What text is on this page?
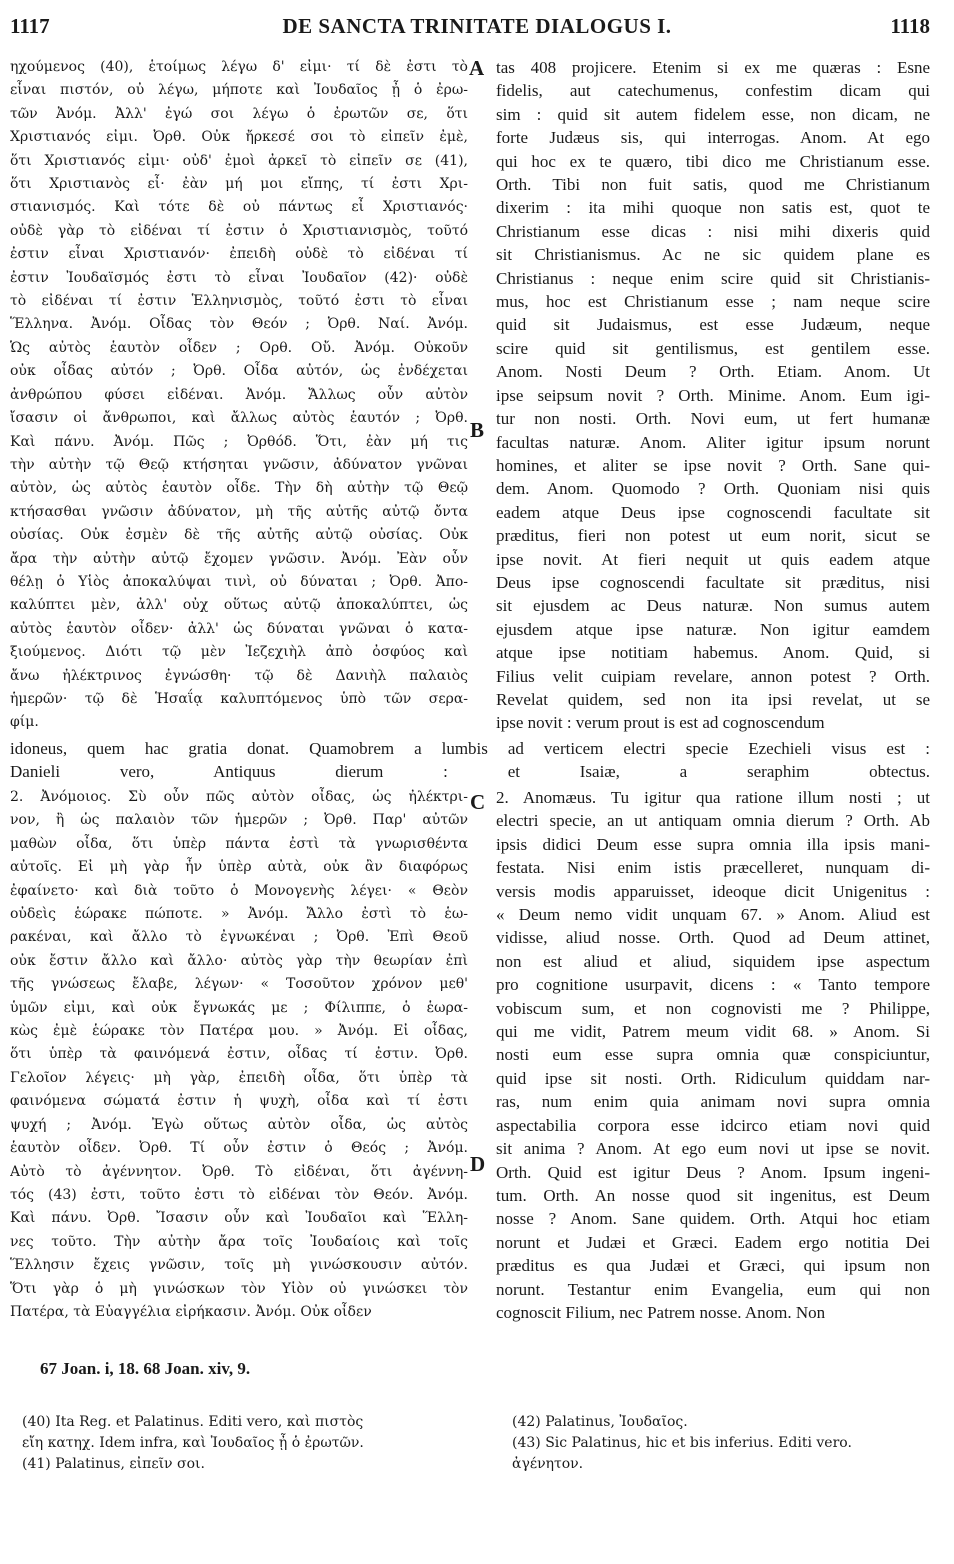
1117	DE SANCTA TRINITATE DIALOGUS I.	1118
ηχούμενος (40), ἑτοίμως λέγω δ' εἰμι· τί δὲ ἐστι τὸ
εἶναι πιστόν, οὐ λέγω, μήποτε καὶ Ἰουδαῖος ᾖ ὁ ἐρω-
τῶν Ἀνόμ. Ἀλλ' ἐγώ σοι λέγω ὁ ἐρωτῶν σε, ὅτι
Χριστιανός εἰμι. Ὀρθ. Οὐκ ἤρκεσέ σοι τὸ εἰπεῖν ἐμὲ,
ὅτι Χριστιανός εἰμι· οὐδ' ἐμοὶ ἀρκεῖ τὸ εἰπεῖν σε (41),
ὅτι Χριστιανὸς εἶ· ἐὰν μή μοι εἴπης, τί ἐστι Χρι-
στιανισμός. Καὶ τότε δὲ οὐ πάντως εἶ Χριστιανός·
οὐδὲ γὰρ τὸ εἰδέναι τί ἐστιν ὁ Χριστιανισμὸς, τοῦτό
ἐστιν εἶναι Χριστιανόν· ἐπειδὴ οὐδὲ τὸ εἰδέναι τί
ἐστιν Ἰουδαϊσμός ἐστι τὸ εἶναι Ἰουδαῖον (42)· οὐδὲ
τὸ εἰδέναι τί ἐστιν Ἑλληνισμὸς, τοῦτό ἐστι τὸ εἶναι
Ἕλληνα. Ἀνόμ. Οἶδας τὸν Θεόν ; Ὀρθ. Ναί. Ἀνόμ.
Ὡς αὐτὸς ἑαυτὸν οἶδεν ; Ορθ. Οὔ. Ἀνόμ. Οὐκοῦν
οὐκ οἶδας αὐτόν ; Ὀρθ. Οἶδα αὐτόν, ὡς ἐνδέχεται
ἀνθρώπου φύσει εἰδέναι. Ἀνόμ. Ἄλλως οὖν αὐτὸν
ἴσασιν οἱ ἄνθρωποι, καὶ ἄλλως αὐτὸς ἑαυτόν ; Ὀρθ.
Καὶ πάνυ. Ἀνόμ. Πῶς ; Ὀρθόδ. Ὅτι, ἐὰν μή τις
τὴν αὐτὴν τῷ Θεῷ κτήσηται γνῶσιν, ἀδύνατον γνῶναι
αὐτὸν, ὡς αὐτὸς ἑαυτὸν οἶδε. Τὴν δὴ αὐτὴν τῷ Θεῷ
κτήσασθαι γνῶσιν ἀδύνατον, μὴ τῆς αὐτῆς αὐτῷ ὄντα
οὐσίας. Οὐκ ἐσμὲν δὲ τῆς αὐτῆς αὐτῷ οὐσίας. Οὐκ
ἄρα τὴν αὐτὴν αὐτῷ ἔχομεν γνῶσιν. Ἀνόμ. Ἐὰν οὖν
θέλῃ ὁ Υἱὸς ἀποκαλύψαι τινὶ, οὐ δύναται ; Ὀρθ. Ἀπο-
καλύπτει μὲν, ἀλλ' οὐχ οὕτως αὐτῷ ἀποκαλύπτει, ὡς
αὐτὸς ἑαυτὸν οἶδεν· ἀλλ' ὡς δύναται γνῶναι ὁ κατα-
ξιούμενος. Διότι τῷ μὲν Ἰεζεχιὴλ ἀπὸ ὀσφύος καὶ
ἄνω ἠλέκτρινος ἐγνώσθη· τῷ δὲ Δανιὴλ παλαιὸς
ἡμερῶν· τῷ δὲ Ἡσαΐᾳ καλυπτόμενος ὑπὸ τῶν σερα-
φίμ.
tas 408 projicere. Etenim si ex me quæras : Esne
fidelis, aut catechumenus, confestim dicam qui
sim : quid sit autem fidelem esse, non dicam, ne
forte Judæus sis, qui interrogas. Anom. At ego
qui hoc ex te quæro, tibi dico me Christianum esse.
Orth. Tibi non fuit satis, quod me Christianum
dixerim : ita mihi quoque non satis est, quot te
Christianum esse dicas : nisi mihi dixeris quid
sit Christianismus. Ac ne sic quidem plane es
Christianus : neque enim scire quid sit Christianis-
mus, hoc est Christianum esse ; nam neque scire
quid sit Judaismus, est esse Judæum, neque
scire quid sit gentilismus, est gentilem esse.
Anom. Nosti Deum ? Orth. Etiam. Anom. Ut
ipse seipsum novit ? Orth. Minime. Anom. Eum igi-
tur non nosti. Orth. Novi eum, ut fert humanæ
facultas naturæ. Anom. Aliter igitur ipsum norunt
homines, et aliter se ipse novit ? Orth. Sane qui-
dem. Anom. Quomodo ? Orth. Quoniam nisi quis
eadem atque Deus ipse cognoscendi facultate sit
præditus, fieri non potest ut eum norit, sicut se
ipse novit. At fieri nequit ut quis eadem atque
Deus ipse cognoscendi facultate sit præditus, nisi
sit ejusdem ac Deus naturæ. Non sumus autem
ejusdem atque ipse naturæ. Non igitur eamdem
atque ipse notitiam habemus. Anom. Quid, si
Filius velit cuipiam revelare, annon potest ? Orth.
Revelat quidem, sed non ita ipsi revelat, ut se
ipse novit : verum prout is est ad cognoscendum
idoneus, quem hac gratia donat. Quamobrem a lumbis ad verticem electri specie Ezechieli visus est :
Danieli vero, Antiquus dierum : et Isaiæ, a seraphim obtectus.
2. Ἀνόμοιος. Σὺ οὖν πῶς αὐτὸν οἶδας, ὡς ἠλέκτρι-
νον, ἢ ὡς παλαιὸν τῶν ἡμερῶν ; Ὀρθ. Παρ' αὐτῶν
μαθὼν οἶδα, ὅτι ὑπὲρ πάντα ἐστὶ τὰ γνωρισθέντα
αὐτοῖς. Εἰ μὴ γὰρ ἦν ὑπὲρ αὐτὰ, οὐκ ἂν διαφόρως
ἐφαίνετο· καὶ διὰ τοῦτο ὁ Μονογενὴς λέγει· « Θεὸν
οὐδεὶς ἑώρακε πώποτε. » Ἀνόμ. Ἄλλο ἐστὶ τὸ ἑω-
ρακέναι, καὶ ἄλλο τὸ ἐγνωκέναι ; Ὀρθ. Ἐπὶ Θεοῦ
οὐκ ἔστιν ἄλλο καὶ ἄλλο· αὐτὸς γὰρ τὴν θεωρίαν ἐπὶ
τῆς γνώσεως ἔλαβε, λέγων· « Τοσοῦτον χρόνον μεθ'
ὑμῶν εἰμι, καὶ οὐκ ἔγνωκάς με ; Φίλιππε, ὁ ἑωρα-
κὼς ἐμὲ ἑώρακε τὸν Πατέρα μου. » Ἀνόμ. Εἰ οἶδας,
ὅτι ὑπὲρ τὰ φαινόμενά ἐστιν, οἶδας τί ἐστιν. Ὀρθ.
Γελοῖον λέγεις· μὴ γὰρ, ἐπειδὴ οἶδα, ὅτι ὑπὲρ τὰ
φαινόμενα σώματά ἐστιν ἡ ψυχὴ, οἶδα καὶ τί ἐστι
ψυχή ; Ἀνόμ. Ἐγὼ οὕτως αὐτὸν οἶδα, ὡς αὐτὸς
ἑαυτὸν οἶδεν. Ὀρθ. Τί οὖν ἐστιν ὁ Θεός ; Ἀνόμ.
Αὐτὸ τὸ ἀγέννητον. Ὀρθ. Τὸ εἰδέναι, ὅτι ἀγέννη-
τός (43) ἐστι, τοῦτο ἐστι τὸ εἰδέναι τὸν Θεόν. Ἀνόμ.
Καὶ πάνυ. Ὀρθ. Ἴσασιν οὖν καὶ Ἰουδαῖοι καὶ Ἕλλη-
νες τοῦτο. Τὴν αὐτὴν ἄρα τοῖς Ἰουδαίοις καὶ τοῖς
Ἕλλησιν ἔχεις γνῶσιν, τοῖς μὴ γινώσκουσιν αὐτόν.
Ὅτι γὰρ ὁ μὴ γινώσκων τὸν Υἱὸν οὐ γινώσκει τὸν
Πατέρα, τὰ Εὐαγγέλια εἰρήκασιν. Ἀνόμ. Οὐκ οἶδεν
2. Anomæus. Tu igitur qua ratione illum nosti ; ut
electri specie, an ut antiquam omnia dierum ? Orth. Ab
ipsis didici Deum esse supra omnia illa ipsis mani-
festata. Nisi enim istis præcelleret, nunquam di-
versis modis apparuisset, ideoque dicit Unigenitus :
« Deum nemo vidit unquam 67. » Anom. Aliud est
vidisse, aliud nosse. Orth. Quod ad Deum attinet,
non est aliud et aliud, siquidem ipse aspectum
pro cognitione usurpavit, dicens : « Tanto tempore
vobiscum sum, et non cognovisti me ? Philippe,
qui me vidit, Patrem meum vidit 68. » Anom. Si
nosti eum esse supra omnia quæ conspiciuntur,
quid ipse sit nosti. Orth. Ridiculum quiddam nar-
ras, num enim quia animam novi supra omnia
aspectabilia corpora esse idcirco etiam novi quid
sit anima ? Anom. At ego eum novi ut ipse se novit.
Orth. Quid est igitur Deus ? Anom. Ipsum ingeni-
tum. Orth. An nosse quod sit ingenitus, est Deum
nosse ? Anom. Sane quidem. Orth. Atqui hoc etiam
norunt et Judæi et Græci. Eadem ergo notitia Dei
præditus es qua Judæi et Græci, qui ipsum non
norunt. Testantur enim Evangelia, eum qui non
cognoscit Filium, nec Patrem nosse. Anom. Non
A
B
C
D
67 Joan. i, 18. 68 Joan. xiv, 9.
(40) Ita Reg. et Palatinus. Editi vero, καὶ πιστὸς
εἴη κατηχ. Idem infra, καὶ Ἰουδαῖος ᾖ ὁ ἐρωτῶν.
(41) Palatinus, εἰπεῖν σοι.
(42) Palatinus, Ἰουδαῖος.
(43) Sic Palatinus, hic et bis inferius. Editi vero.
ἀγένητον.
